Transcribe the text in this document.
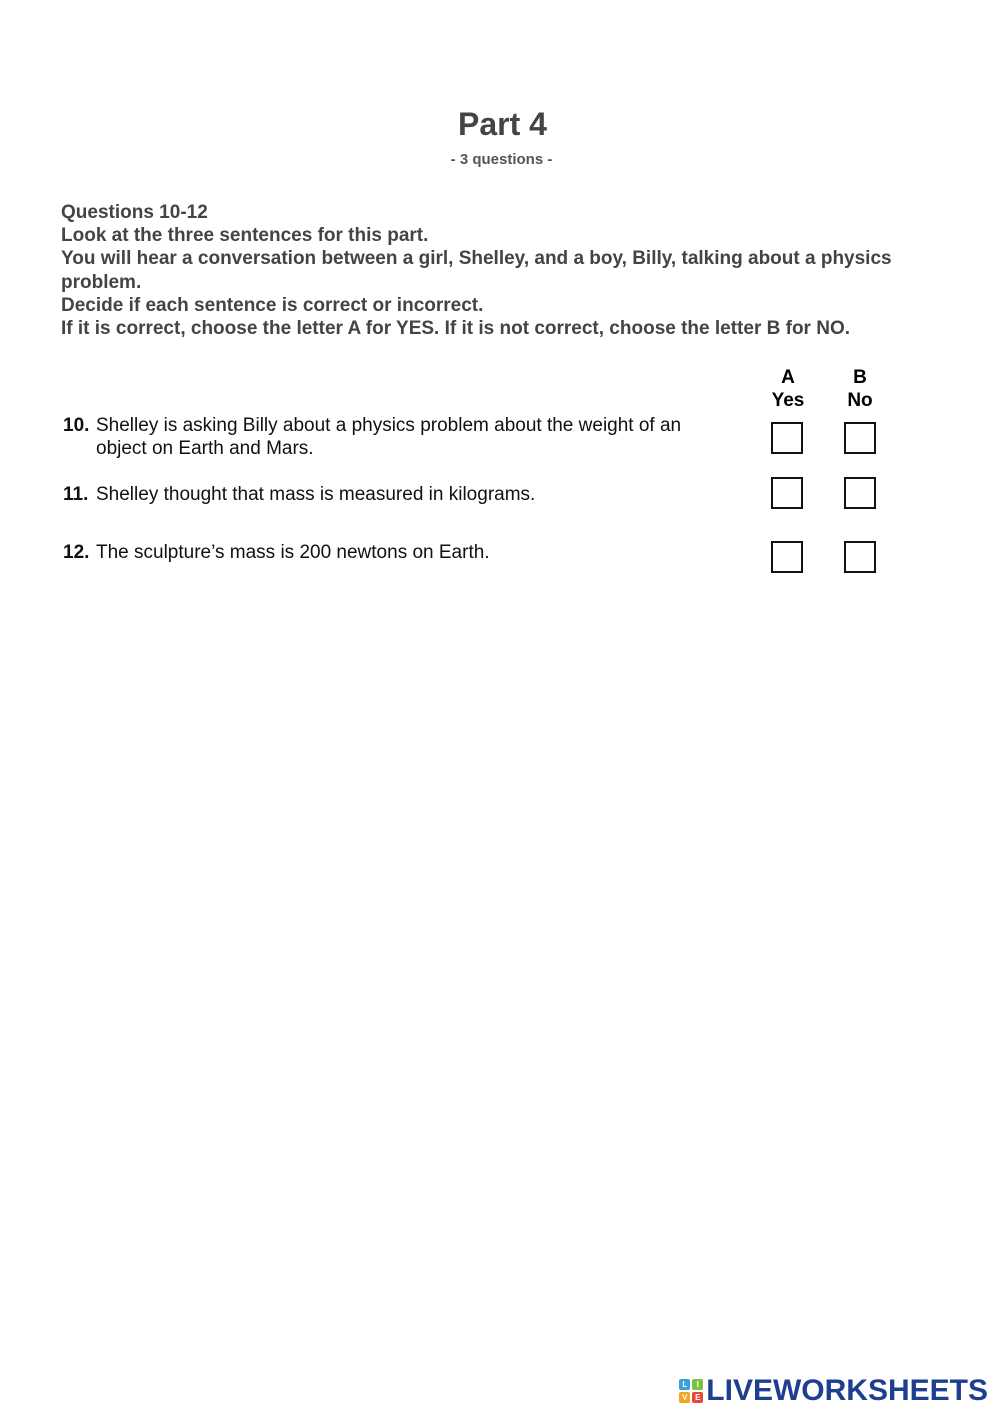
Part 4
- 3 questions -
Questions 10-12
Look at the three sentences for this part.
You will hear a conversation between a girl, Shelley, and a boy, Billy, talking about a physics problem.
Decide if each sentence is correct or incorrect.
If it is correct, choose the letter A for YES. If it is not correct, choose the letter B for NO.
A
Yes
B
No
10. Shelley is asking Billy about a physics problem about the weight of an object on Earth and Mars.
11. Shelley thought that mass is measured in kilograms.
12. The sculpture’s mass is 200 newtons on Earth.
L	I
V E LIVEWORKSHEETS
